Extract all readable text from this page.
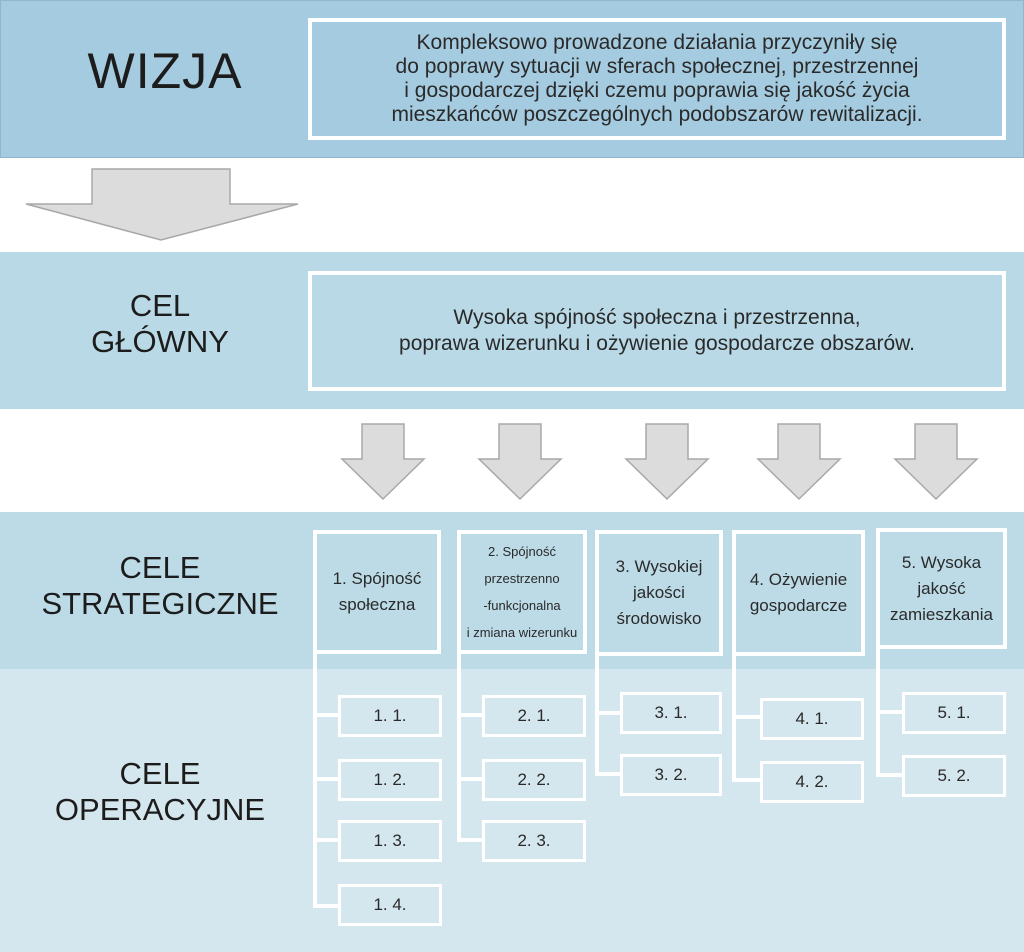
WIZJA
Kompleksowo prowadzone działania przyczyniły się
do poprawy sytuacji w sferach społecznej, przestrzennej
i gospodarczej dzięki czemu poprawia się jakość życia
mieszkańców poszczególnych podobszarów rewitalizacji.
CEL
GŁÓWNY
Wysoka spójność społeczna i przestrzenna,
poprawa wizerunku i ożywienie gospodarcze obszarów.
CELE
STRATEGICZNE
CELE
OPERACYJNE
1. Spójność
społeczna
2. Spójność
przestrzenno
-funkcjonalna
i zmiana wizerunku
3. Wysokiej
jakości
środowisko
4. Ożywienie
gospodarcze
5. Wysoka
jakość
zamieszkania
1. 1.
1. 2.
1. 3.
1. 4.
2. 1.
2. 2.
2. 3.
3. 1.
3. 2.
4. 1.
4. 2.
5. 1.
5. 2.
